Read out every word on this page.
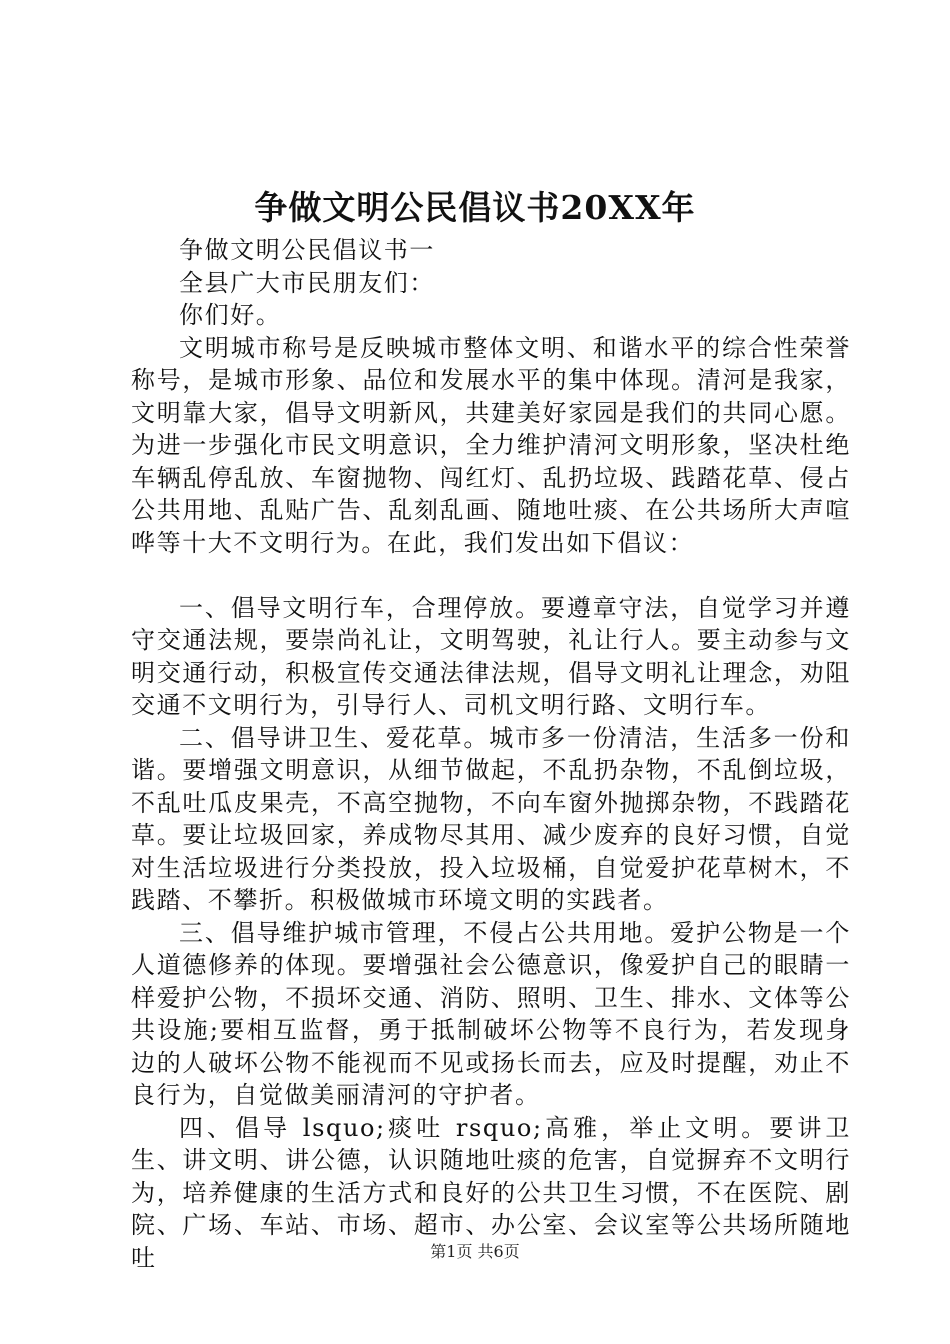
争做文明公民倡议书20XX年

争做文明公民倡议书一

全县广大市民朋友们：

你们好。

文明城市称号是反映城市整体文明、和谐水平的综合性荣誉称号，是城市形象、品位和发展水平的集中体现。清河是我家，文明靠大家，倡导文明新风，共建美好家园是我们的共同心愿。为进一步强化市民文明意识，全力维护清河文明形象，坚决杜绝车辆乱停乱放、车窗抛物、闯红灯、乱扔垃圾、践踏花草、侵占公共用地、乱贴广告、乱刻乱画、随地吐痰、在公共场所大声喧哗等十大不文明行为。在此，我们发出如下倡议：

一、倡导文明行车，合理停放。要遵章守法，自觉学习并遵守交通法规，要崇尚礼让，文明驾驶，礼让行人。要主动参与文明交通行动，积极宣传交通法律法规，倡导文明礼让理念，劝阻交通不文明行为，引导行人、司机文明行路、文明行车。

二、倡导讲卫生、爱花草。城市多一份清洁，生活多一份和谐。要增强文明意识，从细节做起，不乱扔杂物，不乱倒垃圾，不乱吐瓜皮果壳，不高空抛物，不向车窗外抛掷杂物，不践踏花草。要让垃圾回家，养成物尽其用、减少废弃的良好习惯，自觉对生活垃圾进行分类投放，投入垃圾桶，自觉爱护花草树木，不践踏、不攀折。积极做城市环境文明的实践者。

三、倡导维护城市管理，不侵占公共用地。爱护公物是一个人道德修养的体现。要增强社会公德意识，像爱护自己的眼睛一样爱护公物，不损坏交通、消防、照明、卫生、排水、文体等公共设施;要相互监督，勇于抵制破坏公物等不良行为，若发现身边的人破坏公物不能视而不见或扬长而去，应及时提醒，劝止不良行为，自觉做美丽清河的守护者。

四、倡导 lsquo;痰吐 rsquo;高雅，举止文明。要讲卫生、讲文明、讲公德，认识随地吐痰的危害，自觉摒弃不文明行为，培养健康的生活方式和良好的公共卫生习惯，不在医院、剧院、广场、车站、市场、超市、办公室、会议室等公共场所随地吐	第1页 共6页
